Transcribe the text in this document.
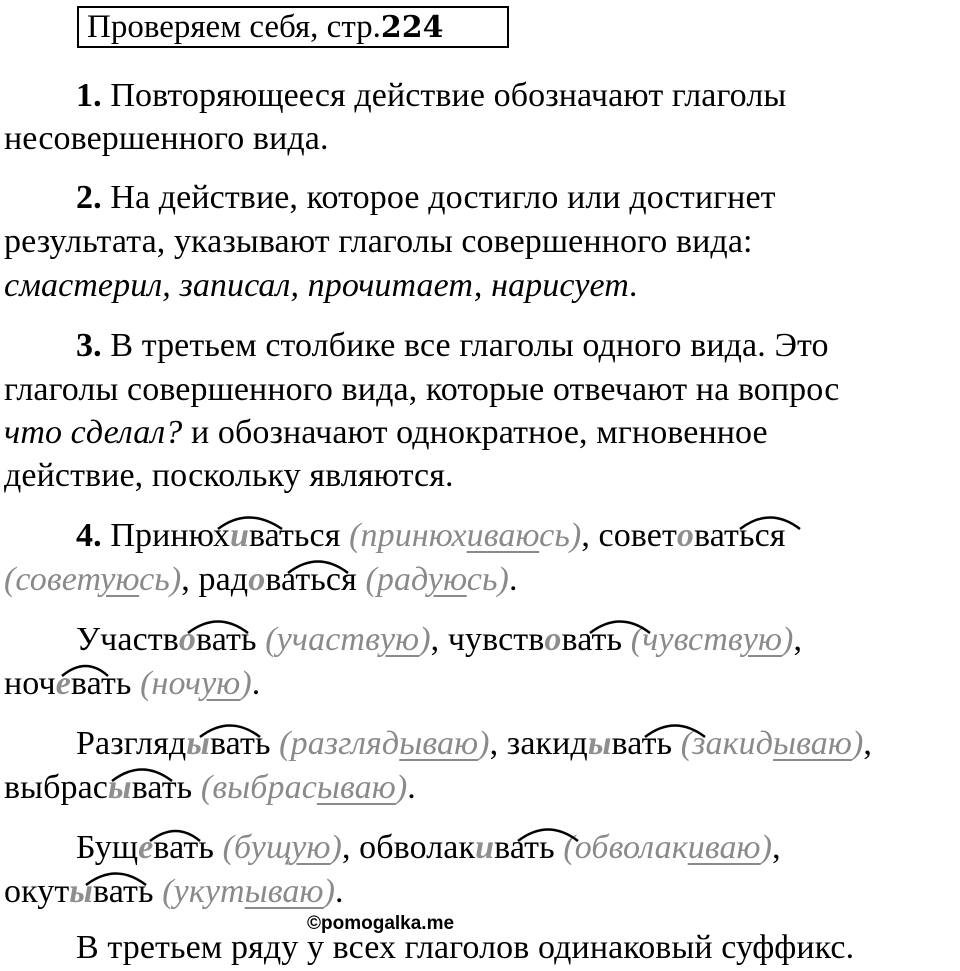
Проверяем себя, стр.224
1. Повторяющееся действие обозначают глаголы
несовершенного вида.
2. На действие, которое достигло или достигнет
результата, указывают глаголы совершенного вида:
смастерил, записал, прочитает, нарисует.
3. В третьем столбике все глаголы одного вида. Это
глаголы совершенного вида, которые отвечают на вопрос
что сделал? и обозначают однократное, мгновенное
действие, поскольку являются.
4. Принюхиваться (принюхиваюсь), советоваться
(советуюсь), радоваться (радуюсь).
Участвовать (участвую), чувствовать (чувствую),
ночевать (ночую).
Разглядывать (разглядываю), закидывать (закидываю),
выбрасывать (выбрасываю).
Бущевать (бущую), обволакивать (обволакиваю),
окутывать (укутываю).
©pomogalka.me
В третьем ряду у всех глаголов одинаковый суффикс.
